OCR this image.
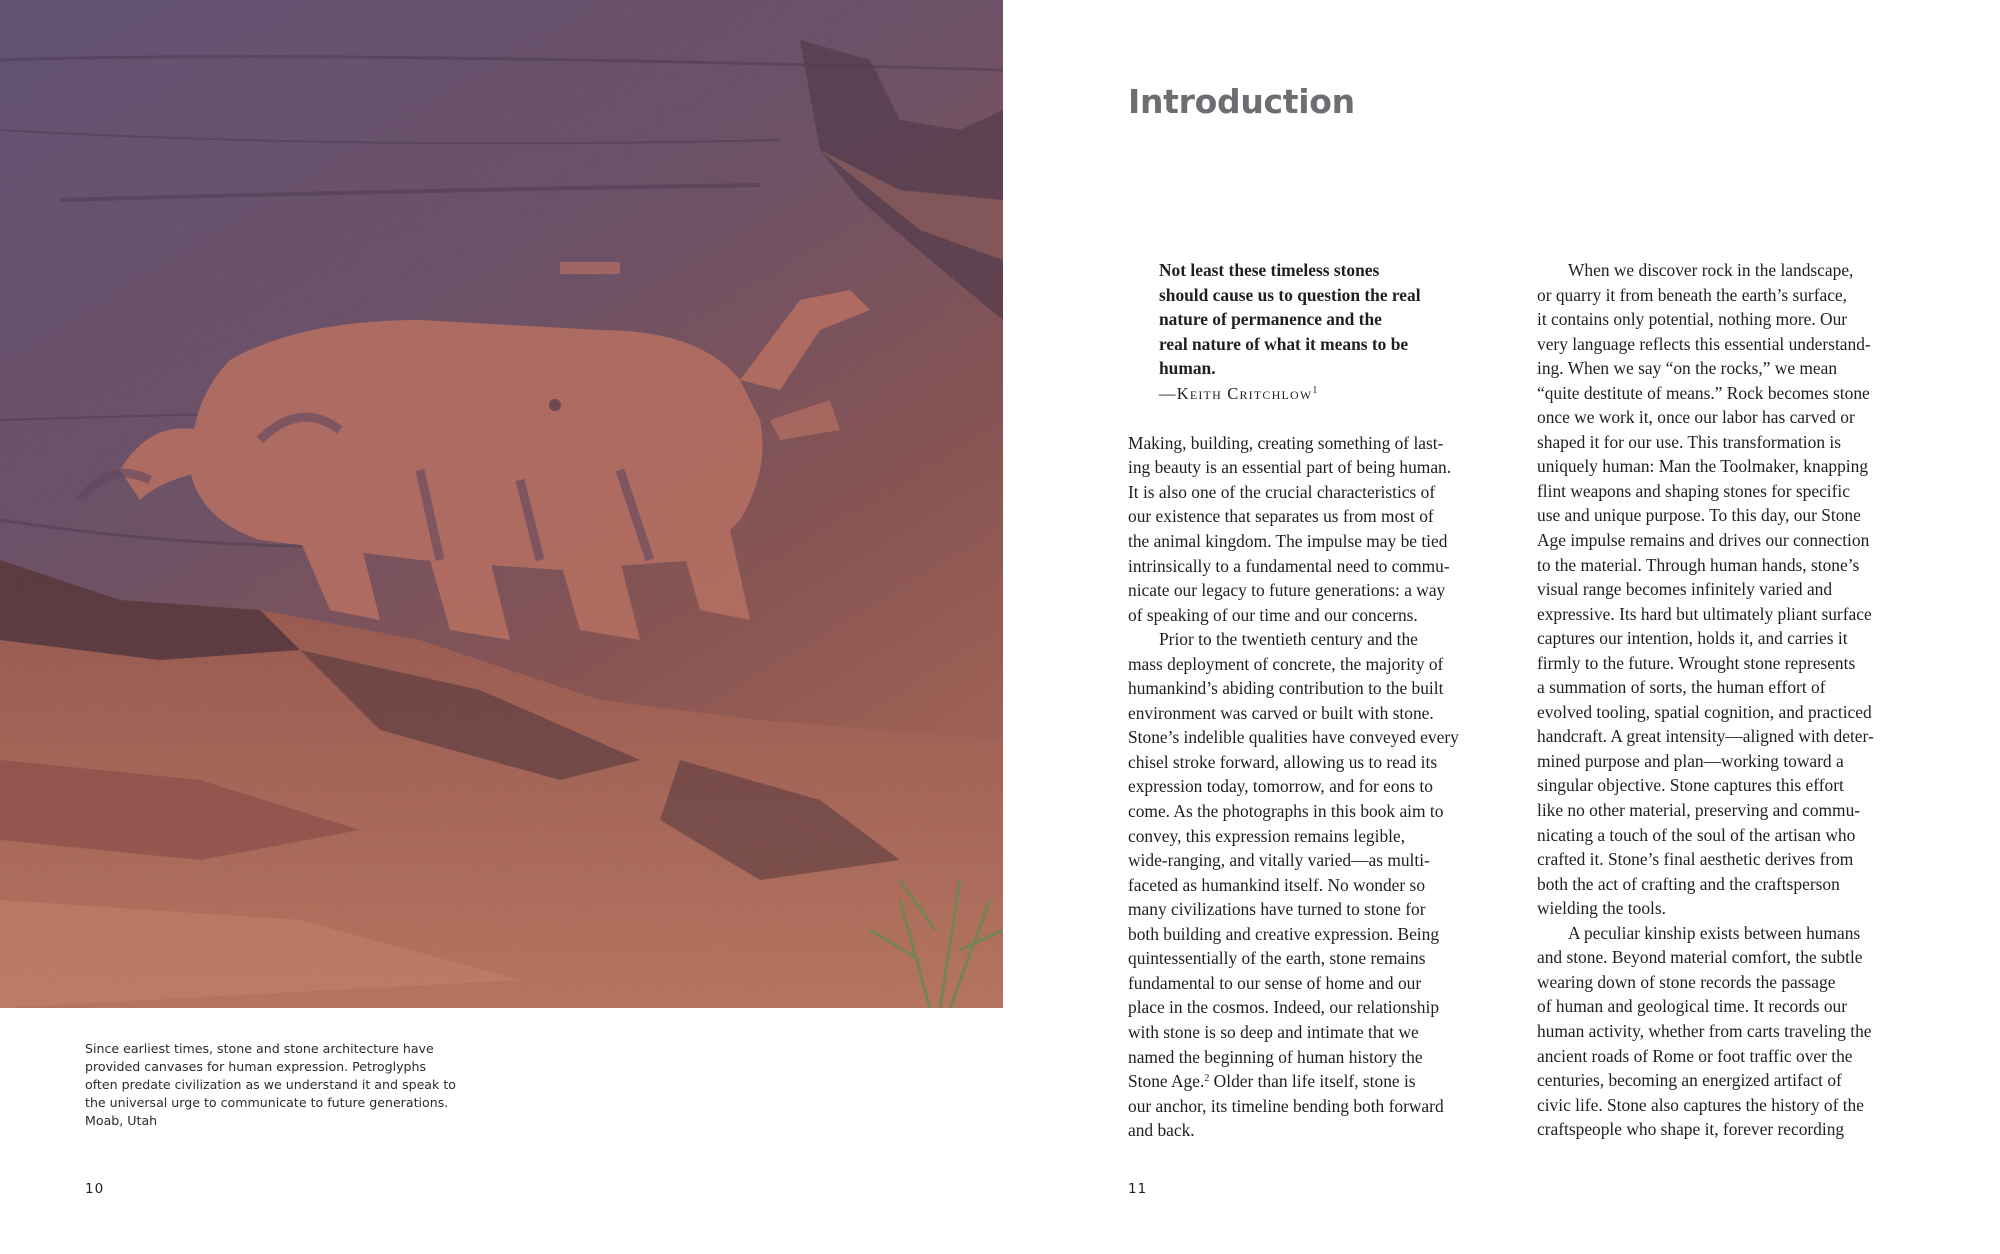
Since earliest times, stone and stone architecture have
provided canvases for human expression. Petroglyphs
often predate civilization as we understand it and speak to
the universal urge to communicate to future generations.
Moab, Utah

10
Introduction
Not least these timeless stones
should cause us to question the real
nature of permanence and the
real nature of what it means to be
human.
—Keith Critchlow$^1$
Making, building, creating something of last-
ing beauty is an essential part of being human.
It is also one of the crucial characteristics of
our existence that separates us from most of
the animal kingdom. The impulse may be tied
intrinsically to a fundamental need to commu-
nicate our legacy to future generations: a way
of speaking of our time and our concerns.
Prior to the twentieth century and the
mass deployment of concrete, the majority of
humankind’s abiding contribution to the built
environment was carved or built with stone.
Stone’s indelible qualities have conveyed every
chisel stroke forward, allowing us to read its
expression today, tomorrow, and for eons to
come. As the photographs in this book aim to
convey, this expression remains legible,
wide-ranging, and vitally varied—as multi-
faceted as humankind itself. No wonder so
many civilizations have turned to stone for
both building and creative expression. Being
quintessentially of the earth, stone remains
fundamental to our sense of home and our
place in the cosmos. Indeed, our relationship
with stone is so deep and intimate that we
named the beginning of human history the
Stone Age.$^2$ Older than life itself, stone is
our anchor, its timeline bending both forward
and back.
When we discover rock in the landscape,
or quarry it from beneath the earth’s surface,
it contains only potential, nothing more. Our
very language reflects this essential understand-
ing. When we say “on the rocks,” we mean
“quite destitute of means.” Rock becomes stone
once we work it, once our labor has carved or
shaped it for our use. This transformation is
uniquely human: Man the Toolmaker, knapping
flint weapons and shaping stones for specific
use and unique purpose. To this day, our Stone
Age impulse remains and drives our connection
to the material. Through human hands, stone’s
visual range becomes infinitely varied and
expressive. Its hard but ultimately pliant surface
captures our intention, holds it, and carries it
firmly to the future. Wrought stone represents
a summation of sorts, the human effort of
evolved tooling, spatial cognition, and practiced
handcraft. A great intensity—aligned with deter-
mined purpose and plan—working toward a
singular objective. Stone captures this effort
like no other material, preserving and commu-
nicating a touch of the soul of the artisan who
crafted it. Stone’s final aesthetic derives from
both the act of crafting and the craftsperson
wielding the tools.
A peculiar kinship exists between humans
and stone. Beyond material comfort, the subtle
wearing down of stone records the passage
of human and geological time. It records our
human activity, whether from carts traveling the
ancient roads of Rome or foot traffic over the
centuries, becoming an energized artifact of
civic life. Stone also captures the history of the
craftspeople who shape it, forever recording
11
